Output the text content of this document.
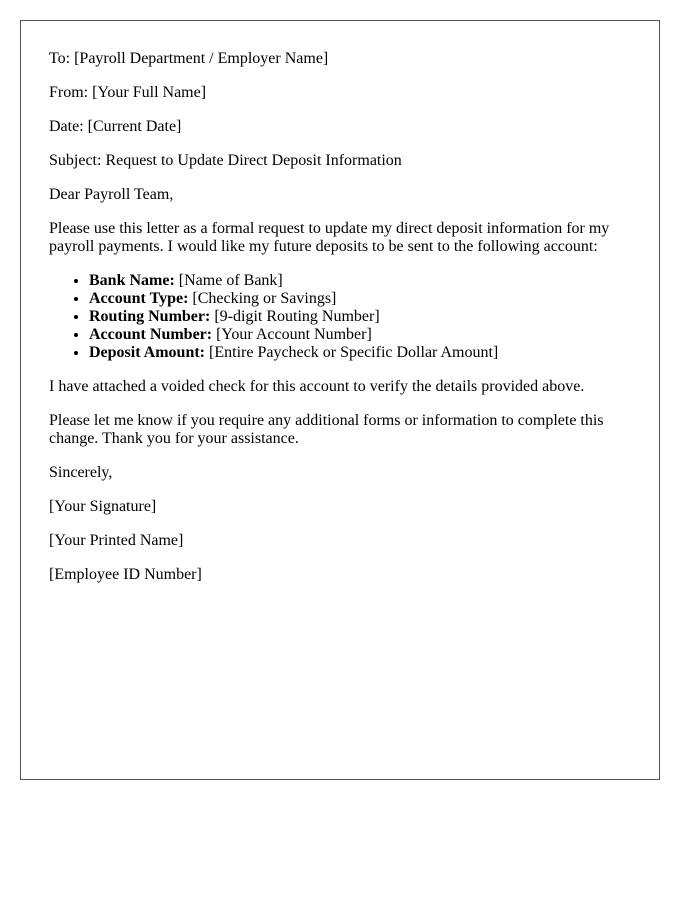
To: [Payroll Department / Employer Name]

From: [Your Full Name]

Date: [Current Date]

Subject: Request to Update Direct Deposit Information

Dear Payroll Team,

Please use this letter as a formal request to update my direct deposit information for my payroll payments. I would like my future deposits to be sent to the following account:

• Bank Name: [Name of Bank]
• Account Type: [Checking or Savings]
• Routing Number: [9-digit Routing Number]
• Account Number: [Your Account Number]
• Deposit Amount: [Entire Paycheck or Specific Dollar Amount]

I have attached a voided check for this account to verify the details provided above.

Please let me know if you require any additional forms or information to complete this change. Thank you for your assistance.

Sincerely,

[Your Signature]

[Your Printed Name]

[Employee ID Number]
